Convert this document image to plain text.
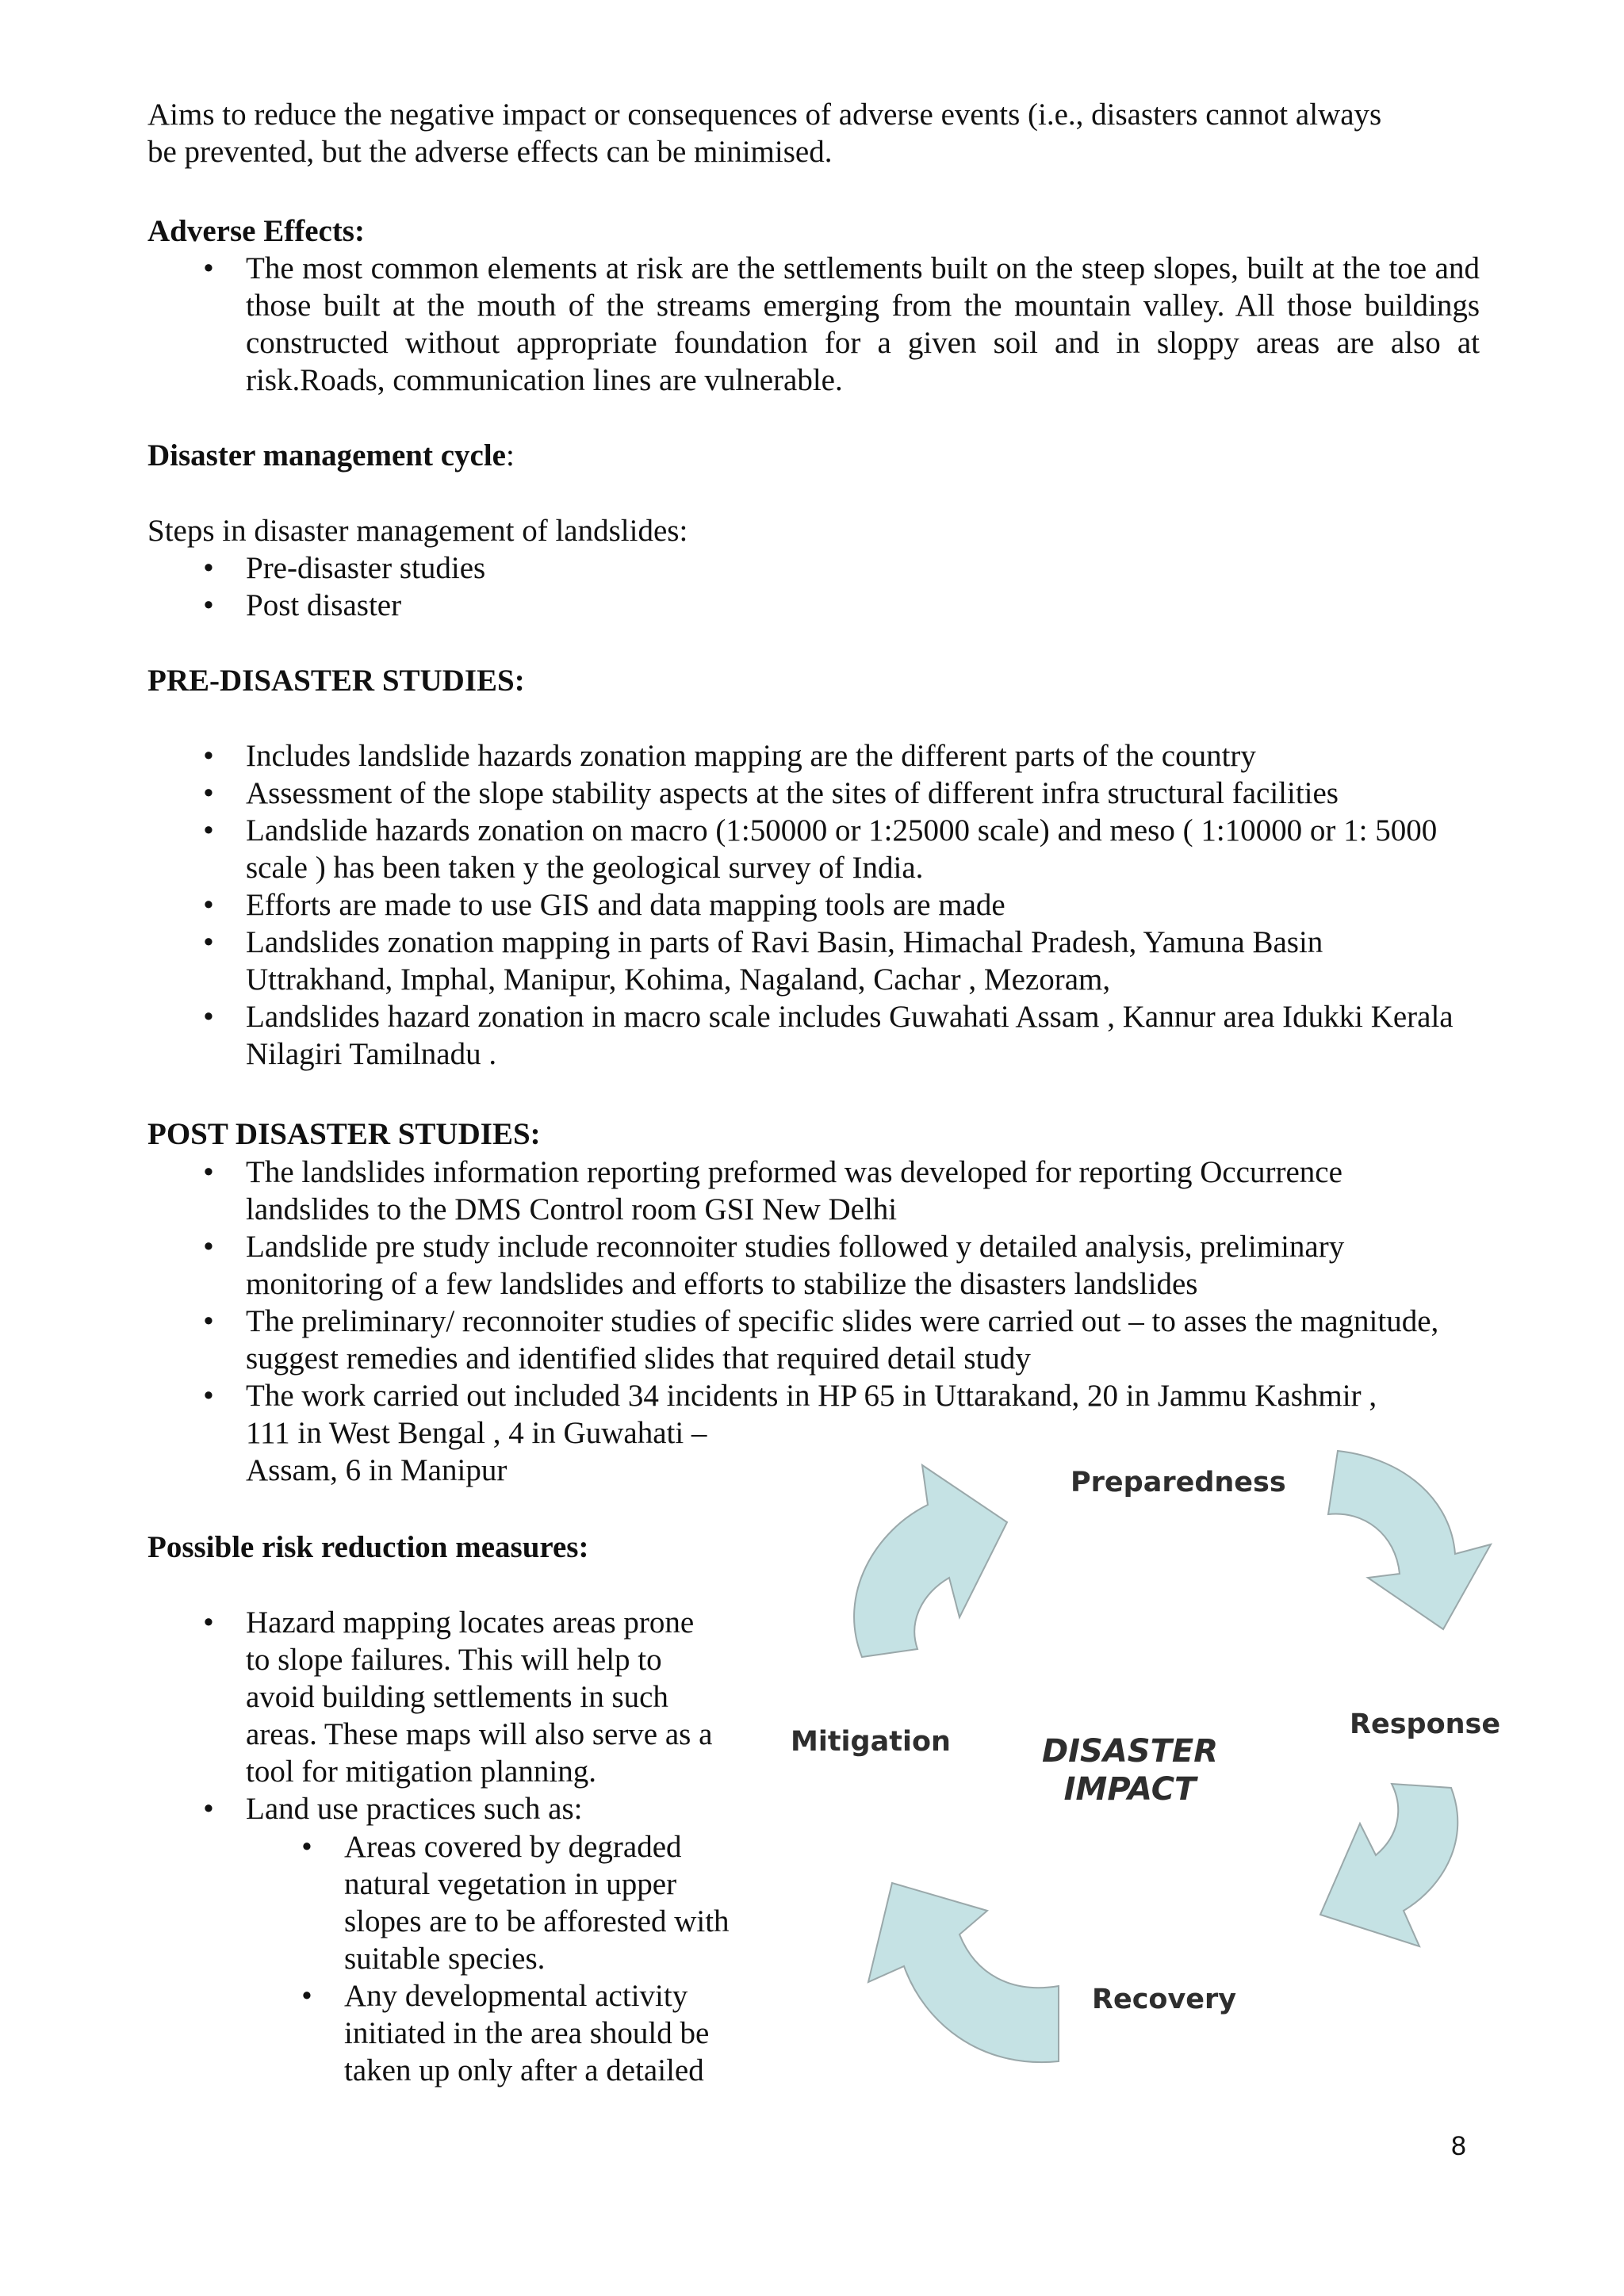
Aims to reduce the negative impact or consequences of adverse events (i.e., disasters cannot always
be prevented, but the adverse effects can be minimised.

Adverse Effects:

• The most common elements at risk are the settlements built on the steep slopes, built at the toe and those built at the mouth of the streams emerging from the mountain valley. All those buildings constructed without appropriate foundation for a given soil and in sloppy areas are also at risk.Roads, communication lines are vulnerable.

Disaster management cycle:

Steps in disaster management of landslides:

• Pre-disaster studies
• Post disaster

PRE-DISASTER STUDIES:

• Includes landslide hazards zonation mapping are the different parts of the country
• Assessment of the slope stability aspects at the sites of different infra structural facilities
• Landslide hazards zonation on macro (1:50000 or 1:25000 scale) and meso ( 1:10000 or 1: 5000 scale ) has been taken y the geological survey of India.
• Efforts are made to use GIS and data mapping tools are made
• Landslides zonation mapping in parts of Ravi Basin, Himachal Pradesh, Yamuna Basin Uttrakhand, Imphal, Manipur, Kohima, Nagaland, Cachar , Mezoram,
• Landslides hazard zonation in macro scale includes Guwahati Assam , Kannur area Idukki Kerala Nilagiri Tamilnadu .

POST DISASTER STUDIES:

• The landslides information reporting preformed was developed for reporting Occurrence landslides to the DMS Control room GSI New Delhi
• Landslide pre study include reconnoiter studies followed y detailed analysis, preliminary monitoring of a few landslides and efforts to stabilize the disasters landslides
• The preliminary/ reconnoiter studies of specific slides were carried out – to asses the magnitude, suggest remedies and identified slides that required detail study
• The work carried out included 34 incidents in HP 65 in Uttarakand, 20 in Jammu Kashmir ,
111 in West Bengal , 4 in Guwahati –
Assam, 6 in Manipur

Possible risk reduction measures:

• Hazard mapping locates areas prone
to slope failures. This will help to
avoid building settlements in such
areas. These maps will also serve as a
tool for mitigation planning.
• Land use practices such as:
• Areas covered by degraded
natural vegetation in upper
slopes are to be afforested with
suitable species.
• Any developmental activity
initiated in the area should be
taken up only after a detailed
Preparedness
Response
Recovery
Mitigation	DISASTER
IMPACT
8
